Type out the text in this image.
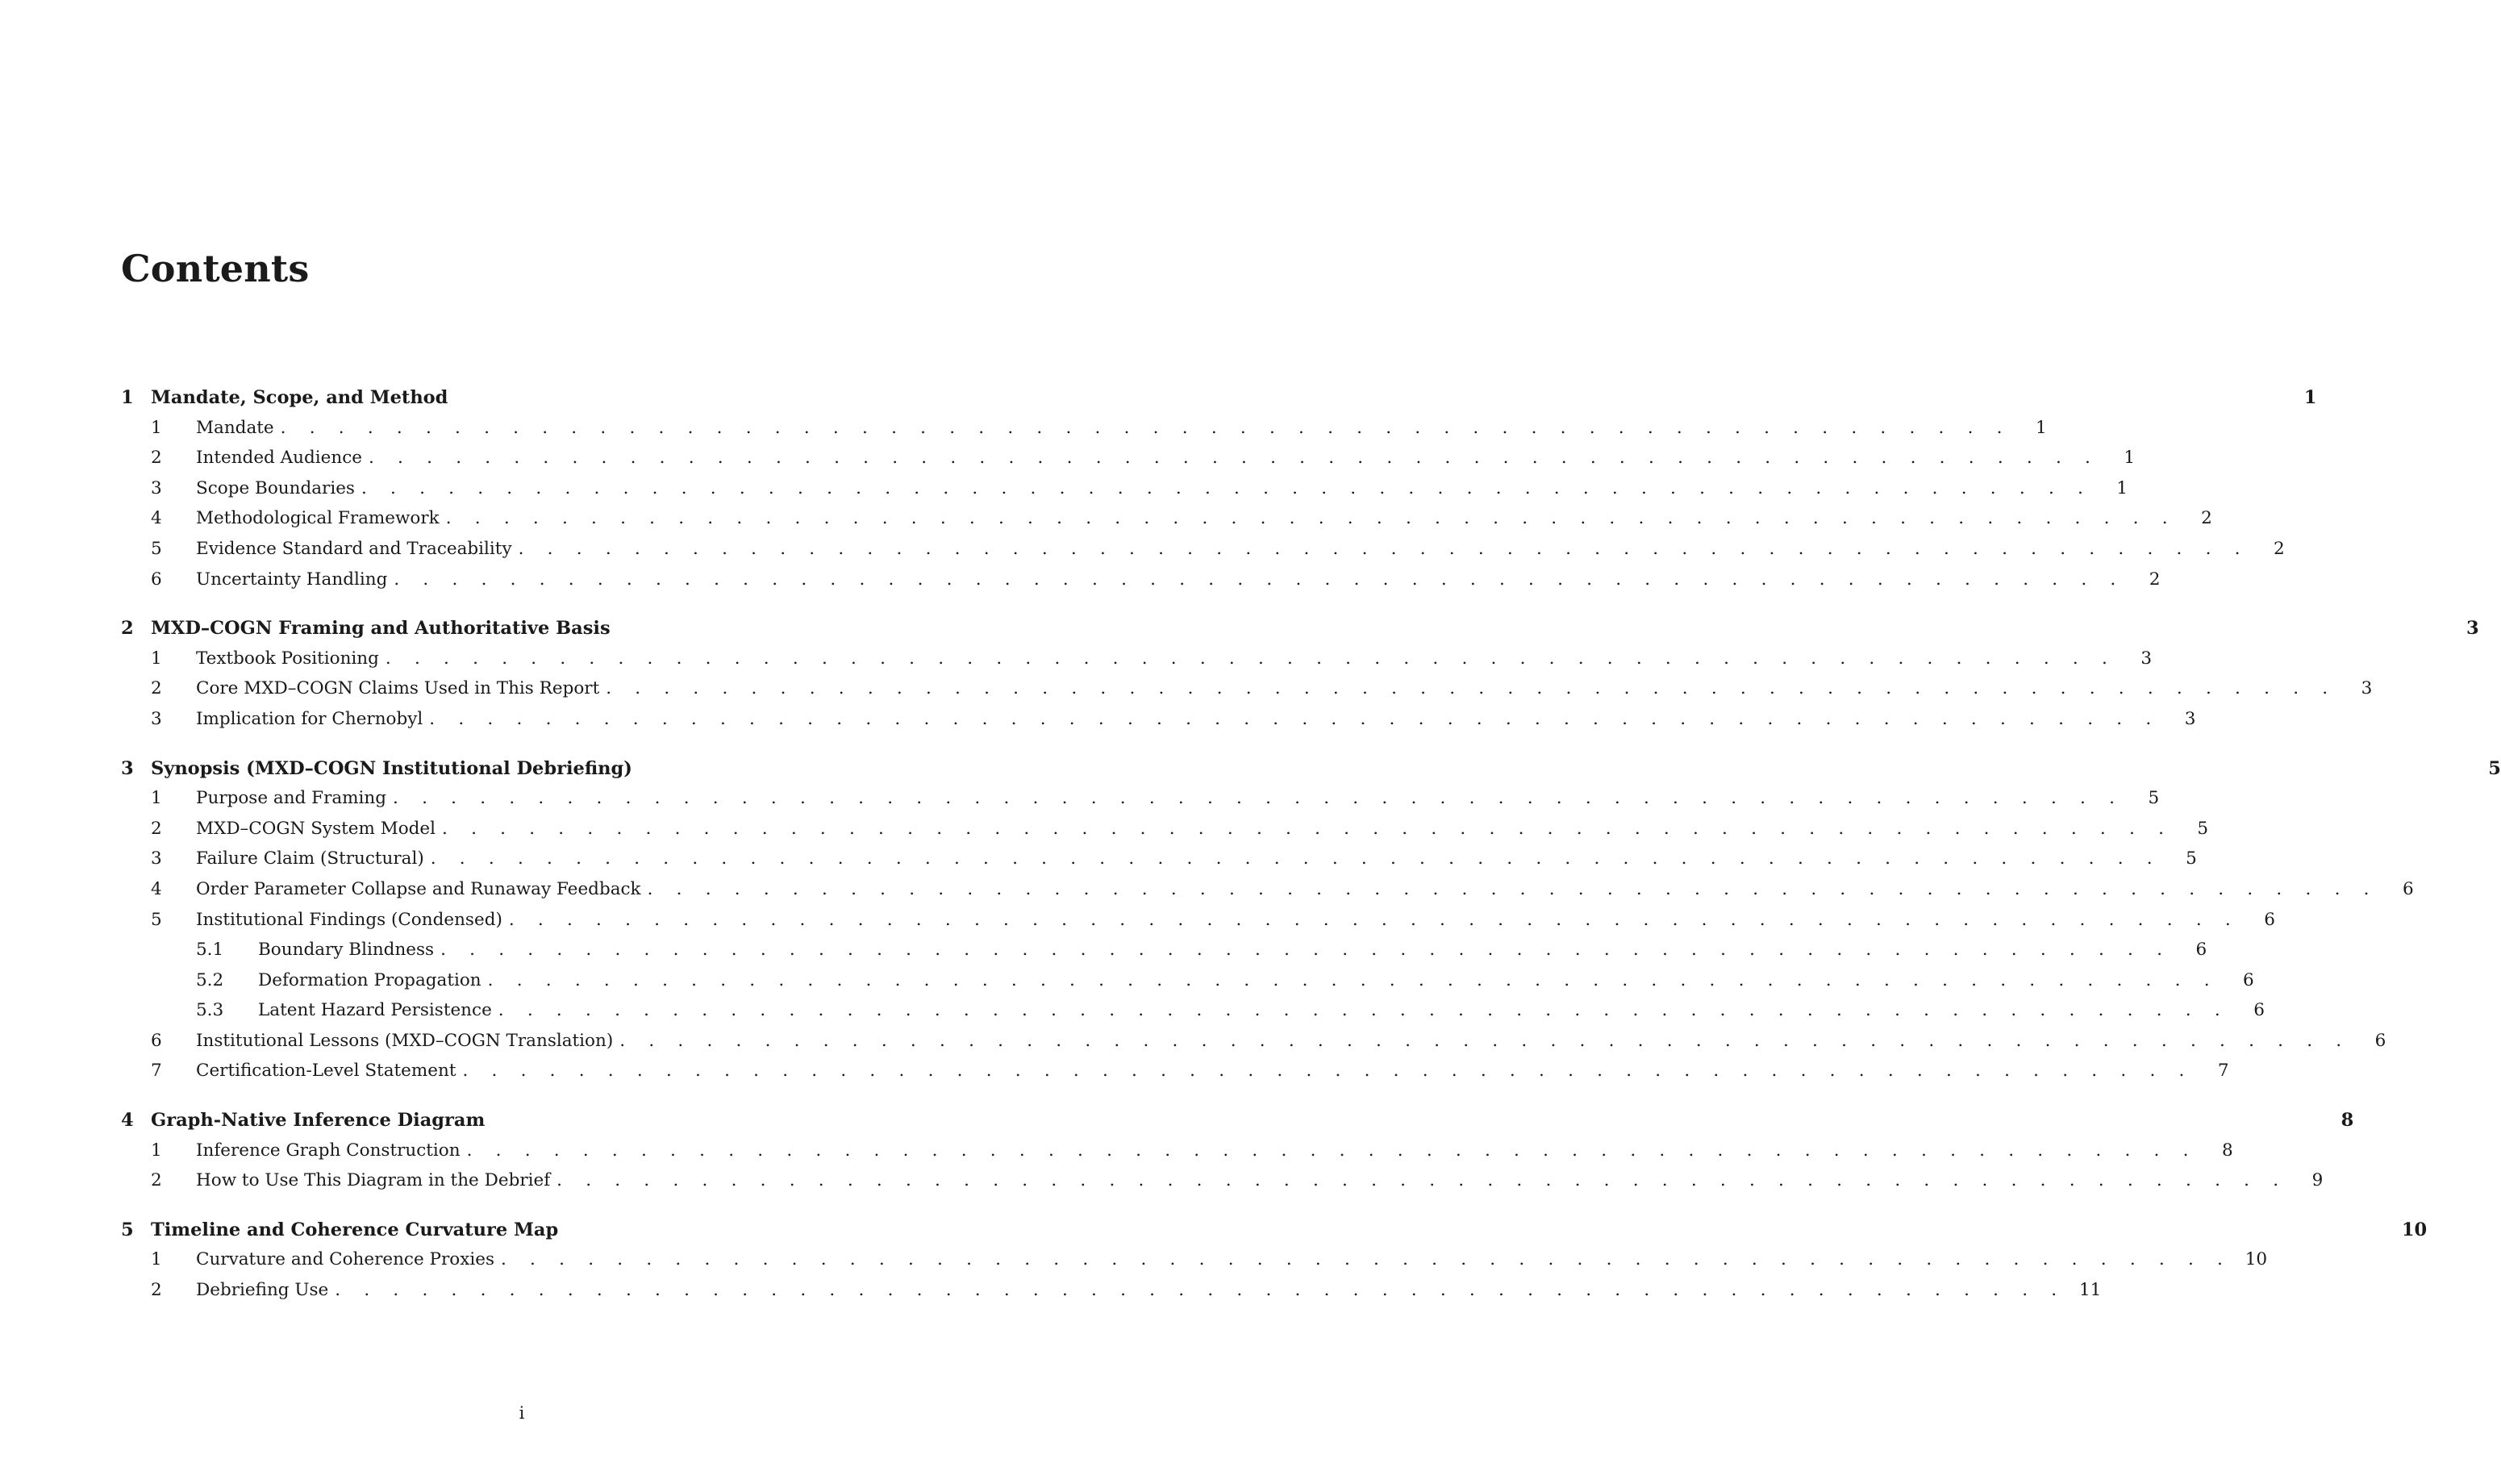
Contents
1 Mandate, Scope, and Method	1
1	Mandate . . . . . . . . . . . . . . . . . . . . . . . . . . . . . . . . . . . . . . . . . . . . . . . . . . . . . . . . . . . .	1
2	Intended Audience . . . . . . . . . . . . . . . . . . . . . . . . . . . . . . . . . . . . . . . . . . . . . . . . . . . . . . . . . . . .	1
3	Scope Boundaries . . . . . . . . . . . . . . . . . . . . . . . . . . . . . . . . . . . . . . . . . . . . . . . . . . . . . . . . . . . .	1
4	Methodological Framework . . . . . . . . . . . . . . . . . . . . . . . . . . . . . . . . . . . . . . . . . . . . . . . . . . . . . . . . . . . .	2
5	Evidence Standard and Traceability . . . . . . . . . . . . . . . . . . . . . . . . . . . . . . . . . . . . . . . . . . . . . . . . . . . . . . . . . . . .	2
6	Uncertainty Handling . . . . . . . . . . . . . . . . . . . . . . . . . . . . . . . . . . . . . . . . . . . . . . . . . . . . . . . . . . . .	2
2 MXD–COGN Framing and Authoritative Basis	3
1	Textbook Positioning . . . . . . . . . . . . . . . . . . . . . . . . . . . . . . . . . . . . . . . . . . . . . . . . . . . . . . . . . . . .	3
2	Core MXD–COGN Claims Used in This Report . . . . . . . . . . . . . . . . . . . . . . . . . . . . . . . . . . . . . . . . . . . . . . . . . . . . . . . . . . . .	3
3	Implication for Chernobyl . . . . . . . . . . . . . . . . . . . . . . . . . . . . . . . . . . . . . . . . . . . . . . . . . . . . . . . . . . . .	3
3 Synopsis (MXD–COGN Institutional Debriefing)	5
1	Purpose and Framing . . . . . . . . . . . . . . . . . . . . . . . . . . . . . . . . . . . . . . . . . . . . . . . . . . . . . . . . . . . .	5
2	MXD–COGN System Model . . . . . . . . . . . . . . . . . . . . . . . . . . . . . . . . . . . . . . . . . . . . . . . . . . . . . . . . . . . .	5
3	Failure Claim (Structural) . . . . . . . . . . . . . . . . . . . . . . . . . . . . . . . . . . . . . . . . . . . . . . . . . . . . . . . . . . . .	5
4	Order Parameter Collapse and Runaway Feedback . . . . . . . . . . . . . . . . . . . . . . . . . . . . . . . . . . . . . . . . . . . . . . . . . . . . . . . . . . . .	6
5	Institutional Findings (Condensed) . . . . . . . . . . . . . . . . . . . . . . . . . . . . . . . . . . . . . . . . . . . . . . . . . . . . . . . . . . . .	6
5.1	Boundary Blindness . . . . . . . . . . . . . . . . . . . . . . . . . . . . . . . . . . . . . . . . . . . . . . . . . . . . . . . . . . . .	6
5.2	Deformation Propagation . . . . . . . . . . . . . . . . . . . . . . . . . . . . . . . . . . . . . . . . . . . . . . . . . . . . . . . . . . . .	6
5.3	Latent Hazard Persistence . . . . . . . . . . . . . . . . . . . . . . . . . . . . . . . . . . . . . . . . . . . . . . . . . . . . . . . . . . . .	6
6	Institutional Lessons (MXD–COGN Translation) . . . . . . . . . . . . . . . . . . . . . . . . . . . . . . . . . . . . . . . . . . . . . . . . . . . . . . . . . . . .	6
7	Certification-Level Statement . . . . . . . . . . . . . . . . . . . . . . . . . . . . . . . . . . . . . . . . . . . . . . . . . . . . . . . . . . . .	7
4 Graph-Native Inference Diagram	8
1	Inference Graph Construction . . . . . . . . . . . . . . . . . . . . . . . . . . . . . . . . . . . . . . . . . . . . . . . . . . . . . . . . . . . .	8
2	How to Use This Diagram in the Debrief . . . . . . . . . . . . . . . . . . . . . . . . . . . . . . . . . . . . . . . . . . . . . . . . . . . . . . . . . . . .	9
5 Timeline and Coherence Curvature Map	10
1	Curvature and Coherence Proxies . . . . . . . . . . . . . . . . . . . . . . . . . . . . . . . . . . . . . . . . . . . . . . . . . . . . . . . . . . . . 10
2	Debriefing Use . . . . . . . . . . . . . . . . . . . . . . . . . . . . . . . . . . . . . . . . . . . . . . . . . . . . . . . . . . . . 11
i
